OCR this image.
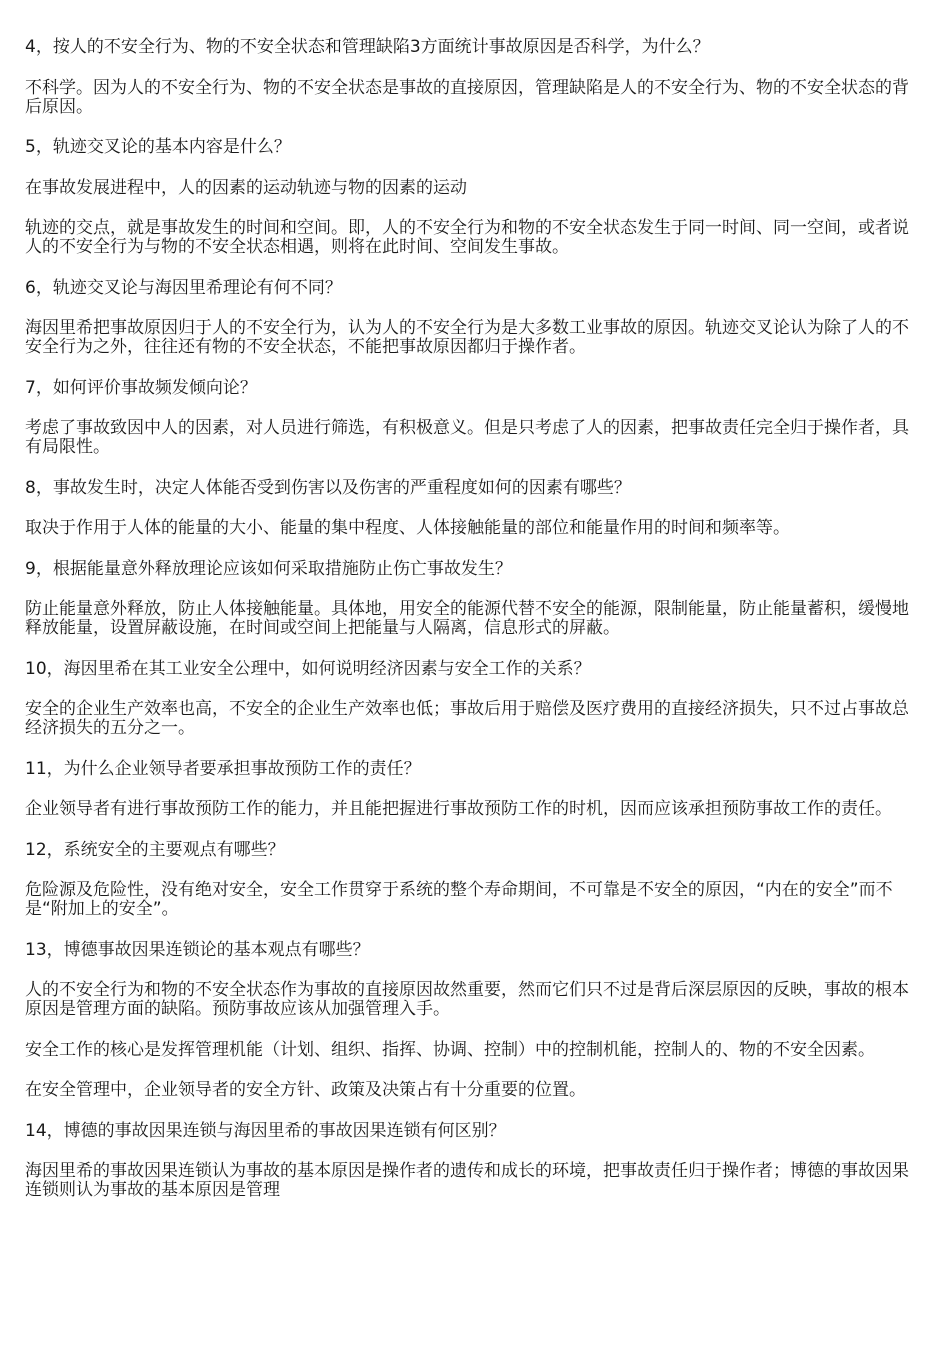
4，按人的不安全行为、物的不安全状态和管理缺陷3方面统计事故原因是否科学，为什么？

不科学。因为人的不安全行为、物的不安全状态是事故的直接原因，管理缺陷是人的不安全行为、物的不安全状态的背后原因。

5，轨迹交叉论的基本内容是什么？

在事故发展进程中，人的因素的运动轨迹与物的因素的运动

轨迹的交点，就是事故发生的时间和空间。即，人的不安全行为和物的不安全状态发生于同一时间、同一空间，或者说人的不安全行为与物的不安全状态相遇，则将在此时间、空间发生事故。

6，轨迹交叉论与海因里希理论有何不同？

海因里希把事故原因归于人的不安全行为，认为人的不安全行为是大多数工业事故的原因。轨迹交叉论认为除了人的不安全行为之外，往往还有物的不安全状态，不能把事故原因都归于操作者。

7，如何评价事故频发倾向论？

考虑了事故致因中人的因素，对人员进行筛选，有积极意义。但是只考虑了人的因素，把事故责任完全归于操作者，具有局限性。

8，事故发生时，决定人体能否受到伤害以及伤害的严重程度如何的因素有哪些？

取决于作用于人体的能量的大小、能量的集中程度、人体接触能量的部位和能量作用的时间和频率等。

9，根据能量意外释放理论应该如何采取措施防止伤亡事故发生？

防止能量意外释放，防止人体接触能量。具体地，用安全的能源代替不安全的能源，限制能量，防止能量蓄积，缓慢地释放能量，设置屏蔽设施，在时间或空间上把能量与人隔离，信息形式的屏蔽。

10，海因里希在其工业安全公理中，如何说明经济因素与安全工作的关系？

安全的企业生产效率也高，不安全的企业生产效率也低；事故后用于赔偿及医疗费用的直接经济损失，只不过占事故总经济损失的五分之一。

11，为什么企业领导者要承担事故预防工作的责任？

企业领导者有进行事故预防工作的能力，并且能把握进行事故预防工作的时机，因而应该承担预防事故工作的责任。

12，系统安全的主要观点有哪些？

危险源及危险性，没有绝对安全，安全工作贯穿于系统的整个寿命期间，不可靠是不安全的原因，“内在的安全”而不是“附加上的安全”。

13，博德事故因果连锁论的基本观点有哪些？

人的不安全行为和物的不安全状态作为事故的直接原因故然重要，然而它们只不过是背后深层原因的反映，事故的根本原因是管理方面的缺陷。预防事故应该从加强管理入手。

安全工作的核心是发挥管理机能（计划、组织、指挥、协调、控制）中的控制机能，控制人的、物的不安全因素。

在安全管理中，企业领导者的安全方针、政策及决策占有十分重要的位置。

14，博德的事故因果连锁与海因里希的事故因果连锁有何区别？

海因里希的事故因果连锁认为事故的基本原因是操作者的遗传和成长的环境，把事故责任归于操作者；博德的事故因果连锁则认为事故的基本原因是管理
